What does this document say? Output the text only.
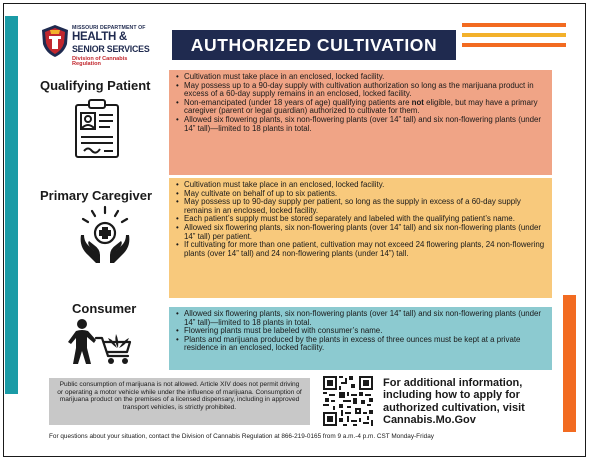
MISSOURI DEPARTMENT OF
HEALTH &
SENIOR SERVICES
Division of Cannabis Regulation
AUTHORIZED CULTIVATION
Qualifying Patient
• Cultivation must take place in an enclosed, locked facility.
• May possess up to a 90-day supply with cultivation authorization so long as the marijuana product in excess of a 60-day supply remains in an enclosed, locked facility.
• Non-emancipated (under 18 years of age) qualifying patients are not eligible, but may have a primary caregiver (parent or legal guardian) authorized to cultivate for them.
• Allowed six flowering plants, six non-flowering plants (over 14” tall) and six non-flowering plants (under 14” tall)—limited to 18 plants in total.
Primary Caregiver
• Cultivation must take place in an enclosed, locked facility.
• May cultivate on behalf of up to six patients.
• May possess up to 90-day supply per patient, so long as the supply in excess of a 60-day supply remains in an enclosed, locked facility.
• Each patient’s supply must be stored separately and labeled with the qualifying patient’s name.
• Allowed six flowering plants, six non-flowering plants (over 14” tall) and six non-flowering plants (under 14” tall) per patient.
• If cultivating for more than one patient, cultivation may not exceed 24 flowering plants, 24 non-flowering plants (over 14” tall) and 24 non-flowering plants (under 14”) tall.
Consumer
•	Allowed six flowering plants, six non-flowering plants (over 14” tall) and six non-flowering plants (under 14” tall)—limited to 18 plants in total.
• Flowering plants must be labeled with consumer’s name.
• Plants and marijuana produced by the plants in excess of three ounces must be kept at a private residence in an enclosed, locked facility.
Public consumption of marijuana is not allowed. Article XIV does not permit driving or operating a motor vehicle while under the influence of marijuana. Consumption of marijuana product on the premises of a licensed dispensary, including in approved transport vehicles, is strictly prohibited.
For additional information, including how to apply for authorized cultivation, visit Cannabis.Mo.Gov
For questions about your situation, contact the Division of Cannabis Regulation at 866-219-0165 from 9 a.m.-4 p.m. CST Monday-Friday
